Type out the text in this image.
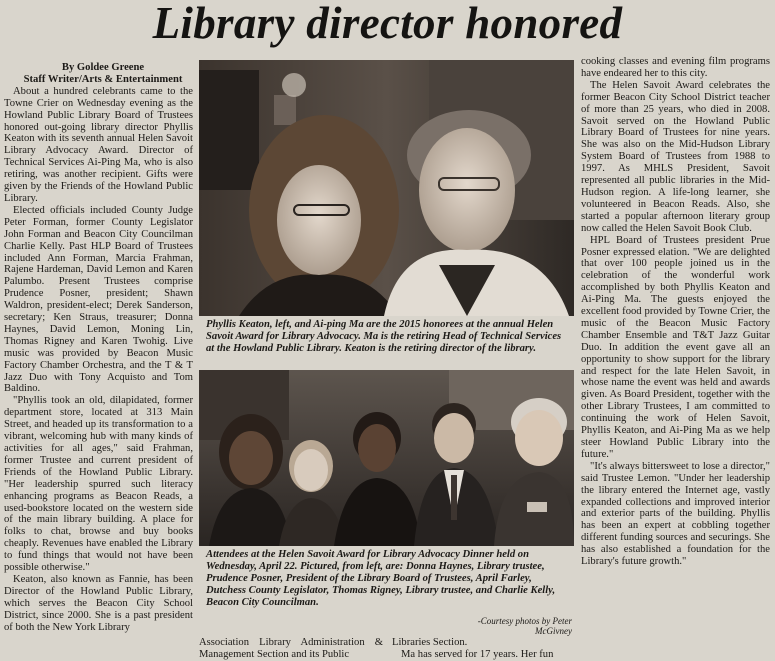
Library director honored

By Goldee Greene

Staff Writer/Arts & Entertainment

About a hundred celebrants came to the Towne Crier on Wednesday evening as the Howland Public Library Board of Trustees honored out-going library director Phyllis Keaton with its seventh annual Helen Savoit Library Advocacy Award. Director of Technical Services Ai-Ping Ma, who is also retiring, was another recipient. Gifts were given by the Friends of the Howland Public Library.

Elected officials included County Judge Peter Forman, former County Legislator John Forman and Beacon City Councilman Charlie Kelly. Past HLP Board of Trustees included Ann Forman, Marcia Frahman, Rajene Hardeman, David Lemon and Karen Palumbo. Present Trustees comprise Prudence Posner, president; Shawn Waldron, president-elect; Derek Sanderson, secretary; Ken Straus, treasurer; Donna Haynes, David Lemon, Moning Lin, Thomas Rigney and Karen Twohig. Live music was provided by Beacon Music Factory Chamber Orchestra, and the T & T Jazz Duo with Tony Acquisto and Tom Baldino.

"Phyllis took an old, dilapidated, former department store, located at 313 Main Street, and headed up its transformation to a vibrant, welcoming hub with many kinds of activities for all ages," said Frahman, former Trustee and current president of Friends of the Howland Public Library. "Her leadership spurred such literacy enhancing programs as Beacon Reads, a used-bookstore located on the western side of the main library building. A place for folks to chat, browse and buy books cheaply. Revenues have enabled the Library to fund things that would not have been possible otherwise."

Keaton, also known as Fannie, has been Director of the Howland Public Library, which serves the Beacon City School District, since 2000. She is a past president of both the New York Library

Phyllis Keaton, left, and Ai-ping Ma are the 2015 honorees at the annual Helen Savoit Award for Library Advocacy. Ma is the retiring Head of Technical Services at the Howland Public Library. Keaton is the retiring director of the library.
Attendees at the Helen Savoit Award for Library Advocacy Dinner held on Wednesday, April 22. Pictured, from left, are: Donna Haynes, Library trustee, Prudence Posner, President of the Library Board of Trustees, April Farley, Dutchess County Legislator, Thomas Rigney, Library trustee, and Charlie Kelly, Beacon City Councilman.
-Courtesy photos by Peter McGivney
Association Library Administration & Management Section and its Public

Libraries Section.

Ma has served for 17 years. Her fun

cooking classes and evening film programs have endeared her to this city.

The Helen Savoit Award celebrates the former Beacon City School District teacher of more than 25 years, who died in 2008. Savoit served on the Howland Public Library Board of Trustees for nine years. She was also on the Mid-Hudson Library System Board of Trustees from 1988 to 1997. As MHLS President, Savoit represented all public libraries in the Mid-Hudson region. A life-long learner, she volunteered in Beacon Reads. Also, she started a popular afternoon literary group now called the Helen Savoit Book Club.

HPL Board of Trustees president Prue Posner expressed elation. "We are delighted that over 100 people joined us in the celebration of the wonderful work accomplished by both Phyllis Keaton and Ai-Ping Ma. The guests enjoyed the excellent food provided by Towne Crier, the music of the Beacon Music Factory Chamber Ensemble and T&T Jazz Guitar Duo. In addition the event gave all an opportunity to show support for the library and respect for the late Helen Savoit, in whose name the event was held and awards given. As Board President, together with the other Library Trustees, I am committed to continuing the work of Helen Savoit, Phyllis Keaton, and Ai-Ping Ma as we help steer Howland Public Library into the future."

"It's always bittersweet to lose a director," said Trustee Lemon. "Under her leadership the library entered the Internet age, vastly expanded collections and improved interior and exterior parts of the building. Phyllis has been an expert at cobbling together different funding sources and securings. She has also established a foundation for the Library's future growth."
